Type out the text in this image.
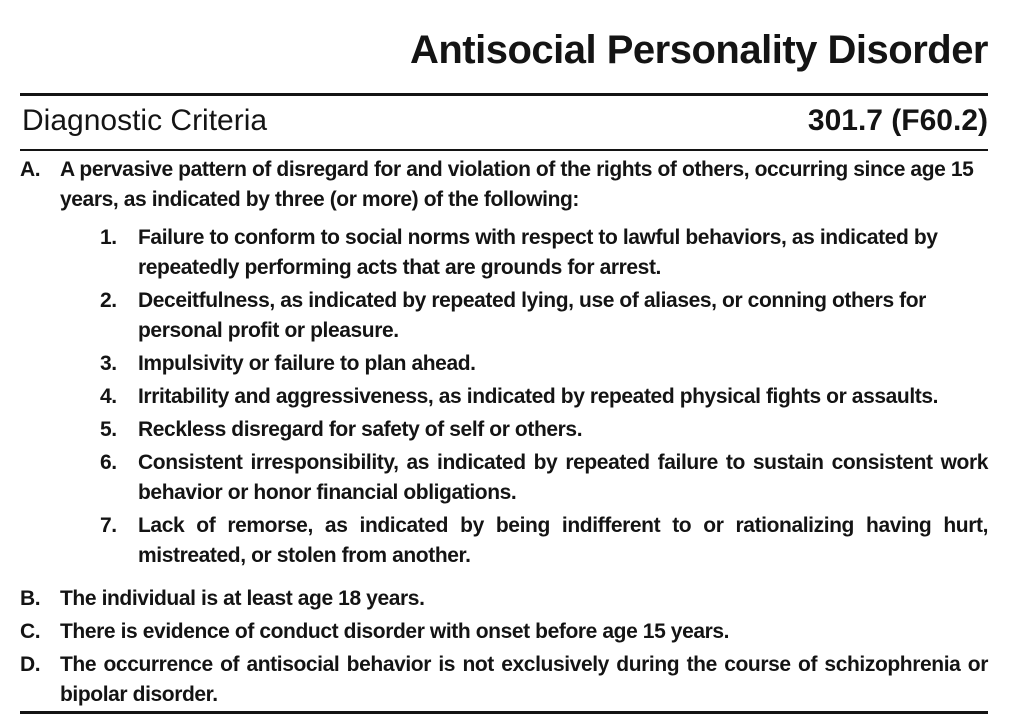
Antisocial Personality Disorder
Diagnostic Criteria	301.7 (F60.2)
A. A pervasive pattern of disregard for and violation of the rights of others, occurring since age 15 years, as indicated by three (or more) of the following:
1.	Failure to conform to social norms with respect to lawful behaviors, as indicated by repeatedly performing acts that are grounds for arrest.
2.	Deceitfulness, as indicated by repeated lying, use of aliases, or conning others for personal profit or pleasure.
3.	Impulsivity or failure to plan ahead.
4.	Irritability and aggressiveness, as indicated by repeated physical fights or assaults.
5.	Reckless disregard for safety of self or others.
6.	Consistent irresponsibility, as indicated by repeated failure to sustain consistent work behavior or honor financial obligations.
7.	Lack of remorse, as indicated by being indifferent to or rationalizing having hurt, mistreated, or stolen from another.
B. The individual is at least age 18 years.
C. There is evidence of conduct disorder with onset before age 15 years.
D. The occurrence of antisocial behavior is not exclusively during the course of schizophrenia or bipolar disorder.
